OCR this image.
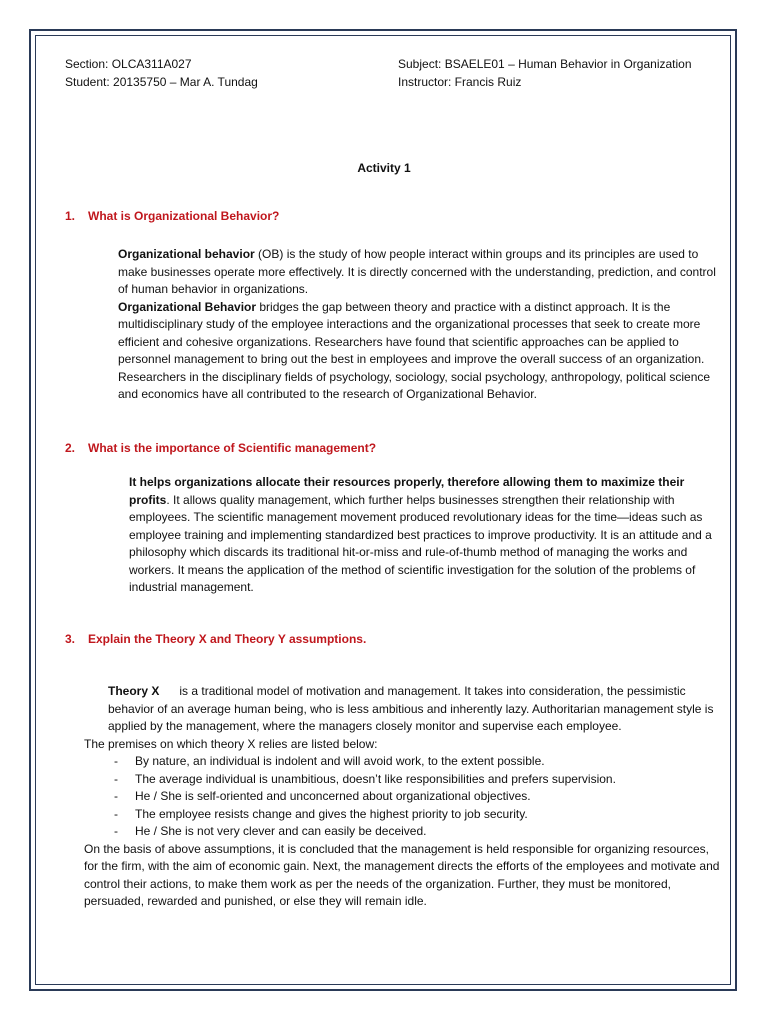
Section: OLCA311A027
Student: 20135750 – Mar A. Tundag
Subject: BSAELE01 – Human Behavior in Organization
Instructor: Francis Ruiz
Activity 1
1. What is Organizational Behavior?

Organizational behavior (OB) is the study of how people interact within groups and its principles are used to make businesses operate more effectively. It is directly concerned with the understanding, prediction, and control of human behavior in organizations.

Organizational Behavior bridges the gap between theory and practice with a distinct approach. It is the multidisciplinary study of the employee interactions and the organizational processes that seek to create more efficient and cohesive organizations. Researchers have found that scientific approaches can be applied to personnel management to bring out the best in employees and improve the overall success of an organization. Researchers in the disciplinary fields of psychology, sociology, social psychology, anthropology, political science and economics have all contributed to the research of Organizational Behavior.

2. What is the importance of Scientific management?

It helps organizations allocate their resources properly, therefore allowing them to maximize their profits. It allows quality management, which further helps businesses strengthen their relationship with employees. The scientific management movement produced revolutionary ideas for the time—ideas such as employee training and implementing standardized best practices to improve productivity. It is an attitude and a philosophy which discards its traditional hit-or-miss and rule-of-thumb method of managing the works and workers. It means the application of the method of scientific investigation for the solution of the problems of industrial management.

3. Explain the Theory X and Theory Y assumptions.

Theory X      is a traditional model of motivation and management. It takes into consideration, the pessimistic behavior of an average human being, who is less ambitious and inherently lazy. Authoritarian management style is applied by the management, where the managers closely monitor and supervise each employee.

The premises on which theory X relies are listed below:

- By nature, an individual is indolent and will avoid work, to the extent possible.
- The average individual is unambitious, doesn’t like responsibilities and prefers supervision.
- He / She is self-oriented and unconcerned about organizational objectives.
- The employee resists change and gives the highest priority to job security.
- He / She is not very clever and can easily be deceived.

On the basis of above assumptions, it is concluded that the management is held responsible for organizing resources, for the firm, with the aim of economic gain. Next, the management directs the efforts of the employees and motivate and control their actions, to make them work as per the needs of the organization. Further, they must be monitored, persuaded, rewarded and punished, or else they will remain idle.
